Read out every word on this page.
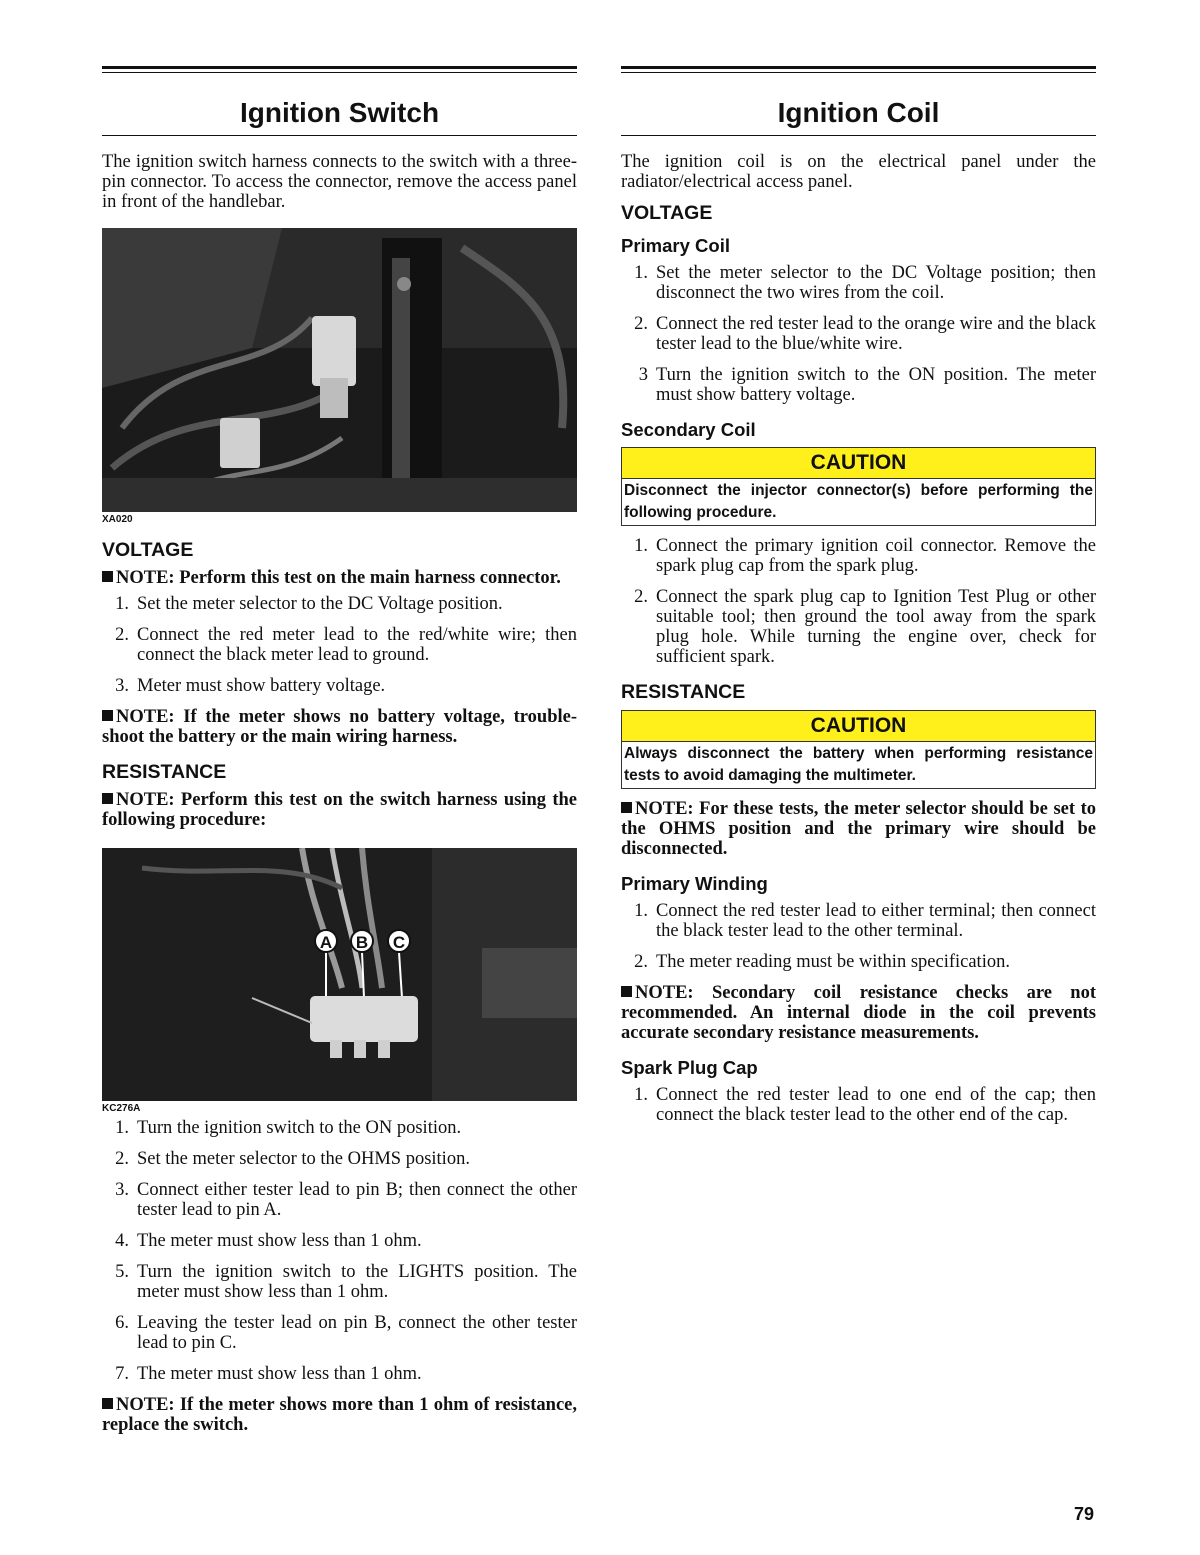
Ignition Switch

The ignition switch harness connects to the switch with a three-pin connector. To access the connector, remove the access panel in front of the handlebar.

XA020
VOLTAGE
NOTE: Perform this test on the main harness connector.
1. Set the meter selector to the DC Voltage position.
2. Connect the red meter lead to the red/white wire; then connect the black meter lead to ground.
3. Meter must show battery voltage.
NOTE: If the meter shows no battery voltage, trouble-shoot the battery or the main wiring harness.
RESISTANCE
NOTE: Perform this test on the switch harness using the following procedure:
A B C
KC276A
1. Turn the ignition switch to the ON position.
2. Set the meter selector to the OHMS position.
3. Connect either tester lead to pin B; then connect the other tester lead to pin A.
4. The meter must show less than 1 ohm.
5. Turn the ignition switch to the LIGHTS position. The meter must show less than 1 ohm.
6. Leaving the tester lead on pin B, connect the other tester lead to pin C.
7. The meter must show less than 1 ohm.
NOTE: If the meter shows more than 1 ohm of resistance, replace the switch.
Ignition Coil

The ignition coil is on the electrical panel under the radiator/electrical access panel.

VOLTAGE
Primary Coil
1. Set the meter selector to the DC Voltage position; then disconnect the two wires from the coil.
2. Connect the red tester lead to the orange wire and the black tester lead to the blue/white wire.
3 Turn the ignition switch to the ON position. The meter must show battery voltage.
Secondary Coil
CAUTION
Disconnect the injector connector(s) before performing the following procedure.
1. Connect the primary ignition coil connector. Remove the spark plug cap from the spark plug.
2. Connect the spark plug cap to Ignition Test Plug or other suitable tool; then ground the tool away from the spark plug hole. While turning the engine over, check for sufficient spark.
RESISTANCE
CAUTION
Always disconnect the battery when performing resistance tests to avoid damaging the multimeter.
NOTE: For these tests, the meter selector should be set to the OHMS position and the primary wire should be disconnected.
Primary Winding
1. Connect the red tester lead to either terminal; then connect the black tester lead to the other terminal.
2. The meter reading must be within specification.
NOTE: Secondary coil resistance checks are not recommended. An internal diode in the coil prevents accurate secondary resistance measurements.
Spark Plug Cap
1. Connect the red tester lead to one end of the cap; then connect the black tester lead to the other end of the cap.
79
